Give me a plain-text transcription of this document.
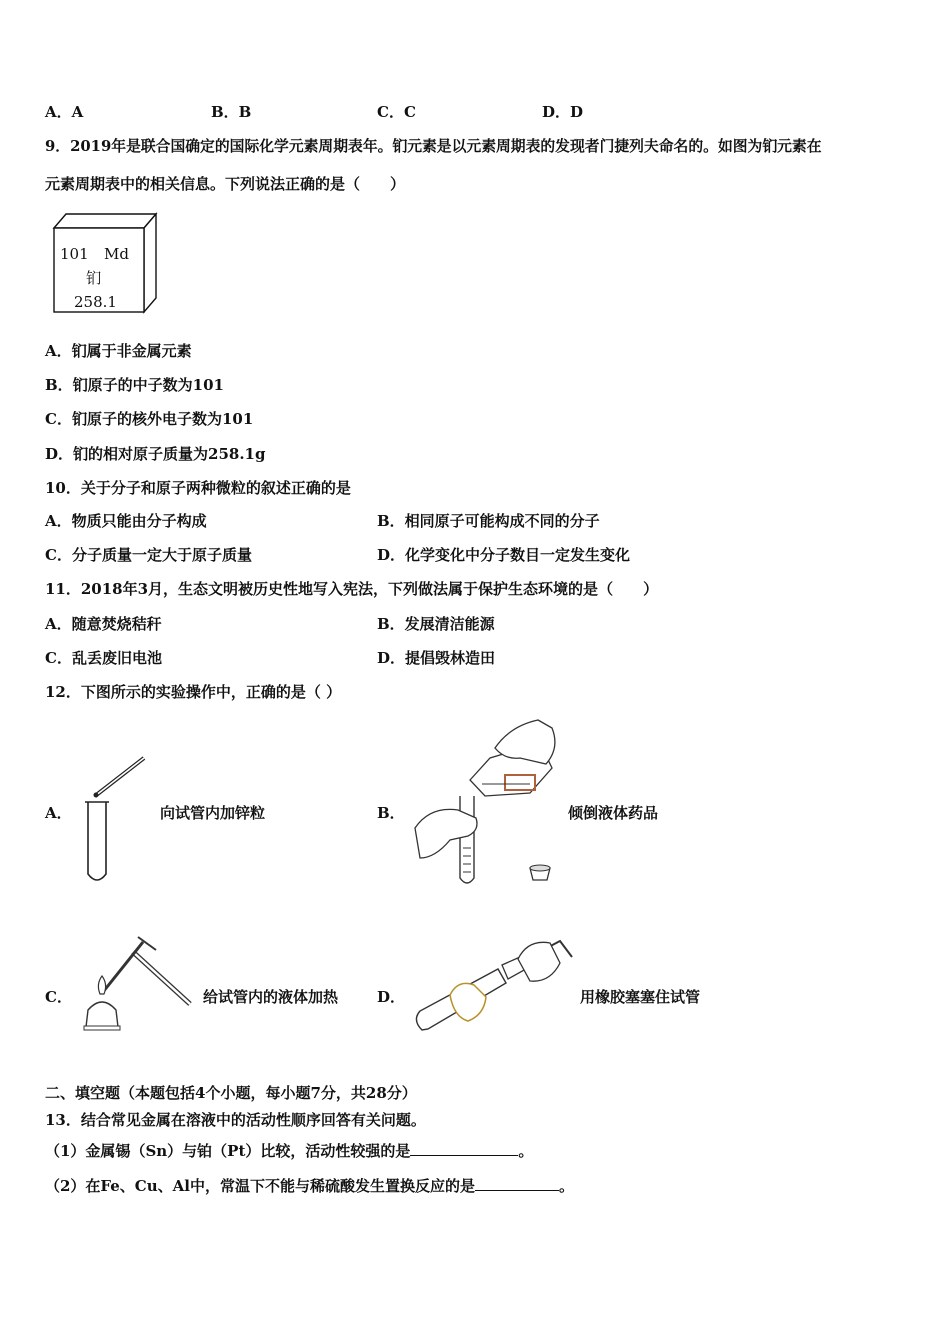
A．A	B．B	C．C	D．D
9．2019年是联合国确定的国际化学元素周期表年。钔元素是以元素周期表的发现者门捷列夫命名的。如图为钔元素在
元素周期表中的相关信息。下列说法正确的是（　　）
101 Md
钔
258.1
A．钔属于非金属元素
B．钔原子的中子数为101
C．钔原子的核外电子数为101
D．钔的相对原子质量为258.1g
10．关于分子和原子两种微粒的叙述正确的是
A．物质只能由分子构成	B．相同原子可能构成不同的分子
C．分子质量一定大于原子质量	D．化学变化中分子数目一定发生变化
11．2018年3月，生态文明被历史性地写入宪法，下列做法属于保护生态环境的是（　　）
A．随意焚烧秸秆	B．发展清洁能源
C．乱丢废旧电池	D．提倡毁林造田
12．下图所示的实验操作中，正确的是（ ）
A．	向试管内加锌粒	B．	倾倒液体药品
C．	给试管内的液体加热	D．	用橡胶塞塞住试管
二、填空题（本题包括4个小题，每小题7分，共28分）
13．结合常见金属在溶液中的活动性顺序回答有关问题。
（1）金属锡（Sn）与铂（Pt）比较，活动性较强的是	。
（2）在Fe、Cu、Al中，常温下不能与稀硫酸发生置换反应的是	。
